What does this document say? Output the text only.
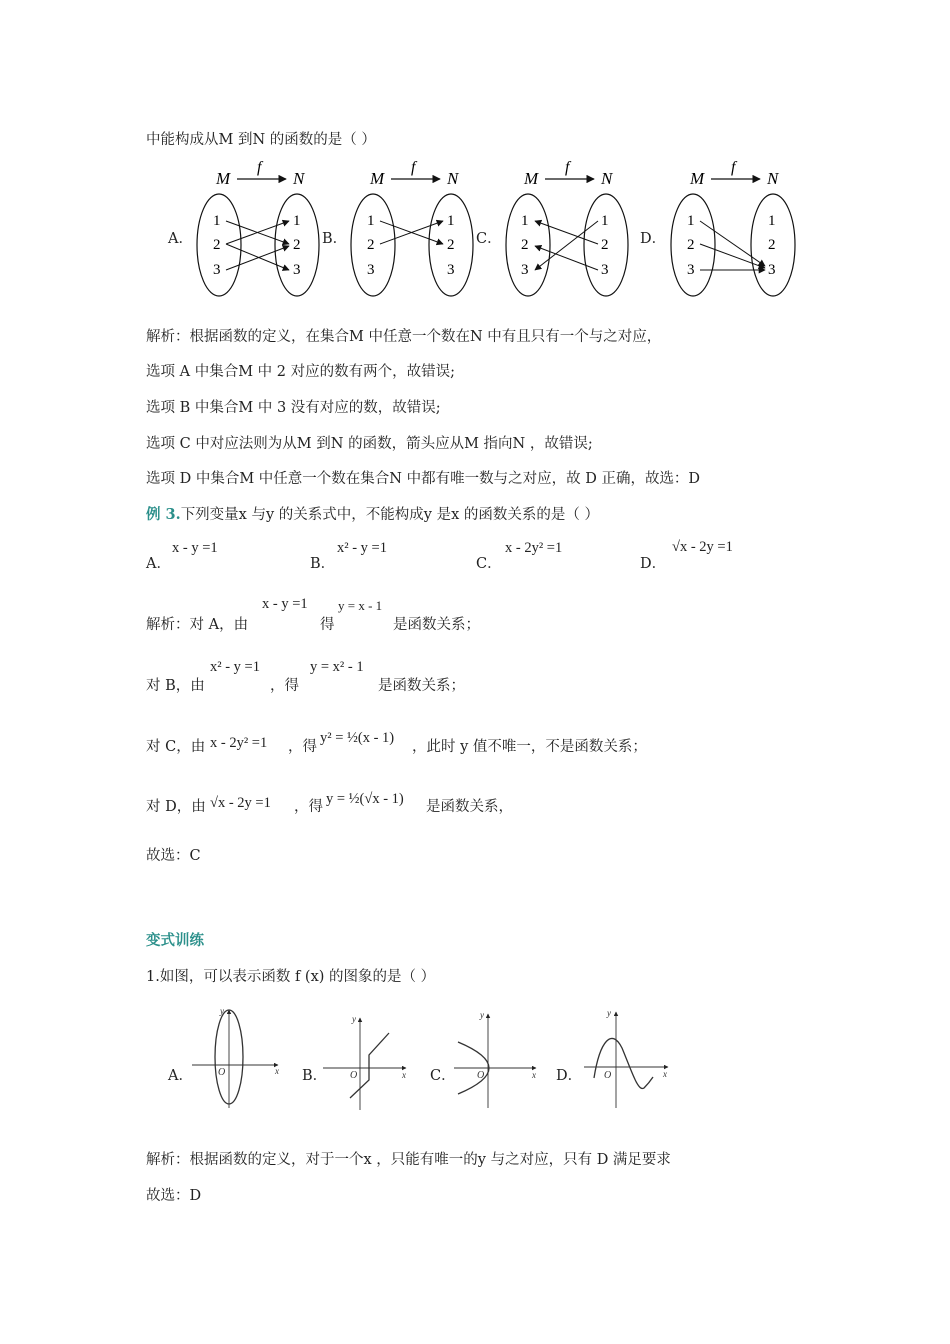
中能构成从M 到N 的函数的是（ ）
A．	B．	C．	D．
M	N
f
1
2
3
1
2
3
M	N
f
1
2
3
1
2
3
M	N
f
1
2
3
1
2
3
M	N
f
1
2
3
1
2
3
解析：根据函数的定义，在集合M 中任意一个数在N 中有且只有一个与之对应，
选项 A 中集合M 中 2 对应的数有两个，故错误;
选项 B 中集合M 中 3 没有对应的数，故错误;
选项 C 中对应法则为从M 到N 的函数，箭头应从M 指向N ，故错误;
选项 D 中集合M 中任意一个数在集合N 中都有唯一数与之对应，故 D 正确，故选：D
例 3.下列变量x 与y 的关系式中，不能构成y 是x 的函数关系的是（ ）
A．
x - y =1
B．
x² - y =1
C．
x - 2y² =1
D．
√x - 2y =1
解析：对 A，由
x - y =1
得
y = x - 1
是函数关系；
对 B，由
x² - y =1
，得
y = x² - 1
是函数关系；
对 C，由 x - 2y² =1 ，得
y² = ½(x - 1)
，此时 y 值不唯一，不是函数关系；
对 D，由 √x - 2y =1 ，得 y = ½(√x - 1) 是函数关系，
故选：C
变式训练
1.如图，可以表示函数 f (x) 的图象的是（ ）
A．	B．	C．	D．
x
y
O	x
y
O	x
y
O	x
y
O
解析：根据函数的定义，对于一个x ，只能有唯一的y 与之对应，只有 D 满足要求
故选：D
